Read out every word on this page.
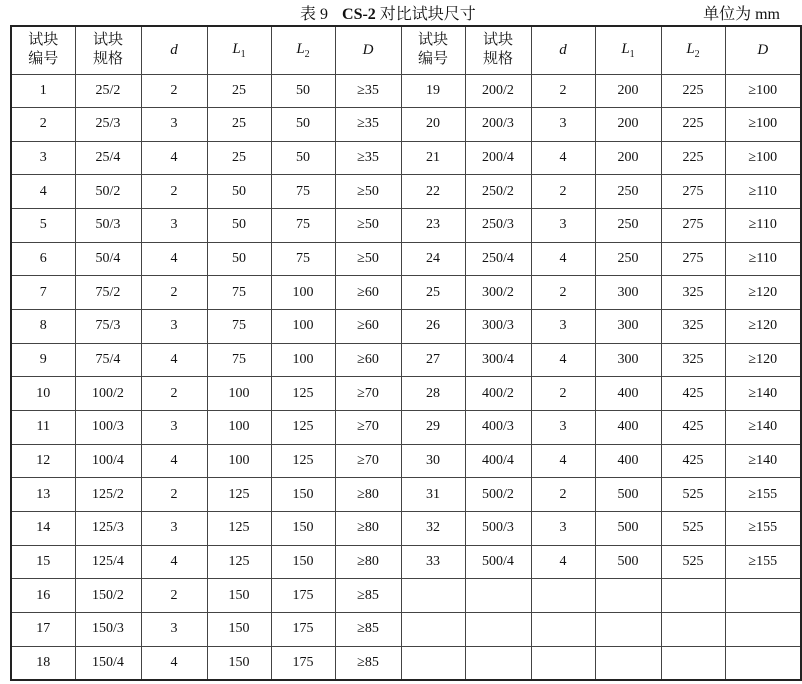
表 9 CS-2 对比试块尺寸	单位为 mm
试块
编号	试块
规格	d	$L_1$	$L_2$	D	试块
编号	试块
规格	d	$L_1$	$L_2$	D
1	25/2	2	25	50	≥35	19	200/2	2	200	225	≥100
2	25/3	3	25	50	≥35	20	200/3	3	200	225	≥100
3	25/4	4	25	50	≥35	21	200/4	4	200	225	≥100
4	50/2	2	50	75	≥50	22	250/2	2	250	275	≥110
5	50/3	3	50	75	≥50	23	250/3	3	250	275	≥110
6	50/4	4	50	75	≥50	24	250/4	4	250	275	≥110
7	75/2	2	75	100	≥60	25	300/2	2	300	325	≥120
8	75/3	3	75	100	≥60	26	300/3	3	300	325	≥120
9	75/4	4	75	100	≥60	27	300/4	4	300	325	≥120
10	100/2	2	100	125	≥70	28	400/2	2	400	425	≥140
11	100/3	3	100	125	≥70	29	400/3	3	400	425	≥140
12	100/4	4	100	125	≥70	30	400/4	4	400	425	≥140
13	125/2	2	125	150	≥80	31	500/2	2	500	525	≥155
14	125/3	3	125	150	≥80	32	500/3	3	500	525	≥155
15	125/4	4	125	150	≥80	33	500/4	4	500	525	≥155
16	150/2	2	150	175	≥85						
17	150/3	3	150	175	≥85						
18	150/4	4	150	175	≥85						
